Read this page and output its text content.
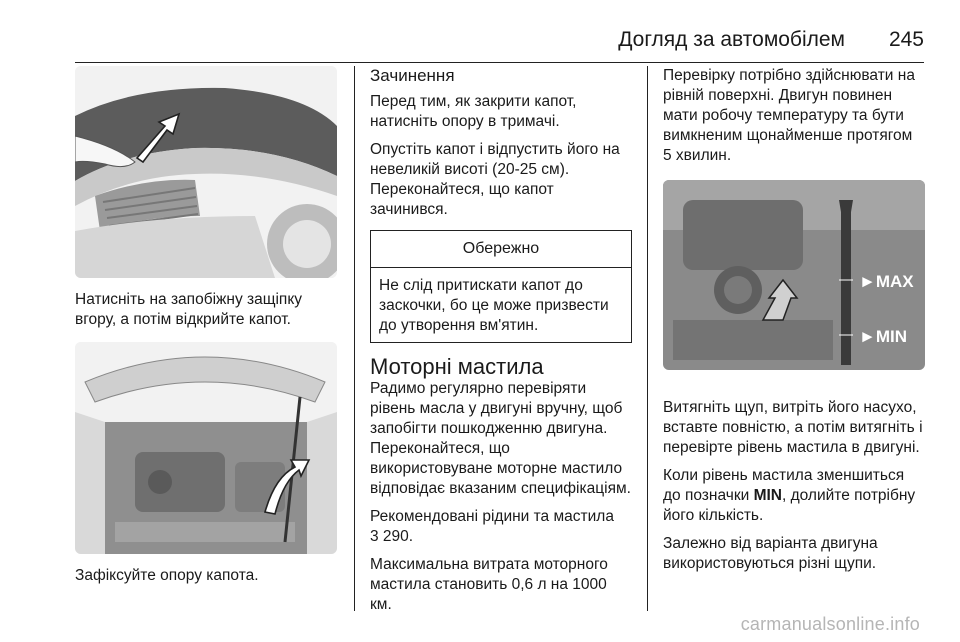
Догляд за автомобілем 245

Натисніть на запобіжну защіпку вгору, а потім відкрийте капот.

Зафіксуйте опору капота.

Зачинення

Перед тим, як закрити капот, натисніть опору в тримачі.

Опустіть капот і відпустить його на невеликій висоті (20-25 см). Переконайтеся, що капот зачинився.

Обережно
Не слід притискати капот до заскочки, бо це може призвести до утворення вм'ятин.
Моторні мастила

Радимо регулярно перевіряти рівень масла у двигуні вручну, щоб запобігти пошкодженню двигуна. Переконайтеся, що використовуване моторне мастило відповідає вказаним специфікаціям.

Рекомендовані рідини та мастила
3 290.

Максимальна витрата моторного мастила становить 0,6 л на 1000 км.

Перевірку потрібно здійснювати на рівній поверхні. Двигун повинен мати робочу температуру та бути вимкненим щонайменше протягом 5 хвилин.

►MAX
►MIN

Витягніть щуп, витріть його насухо, вставте повністю, а потім витягніть і перевірте рівень мастила в двигуні.

Коли рівень мастила зменшиться до позначки MIN, долийте потрібну його кількість.

Залежно від варіанта двигуна використовуються різні щупи.

carmanualsonline.info
